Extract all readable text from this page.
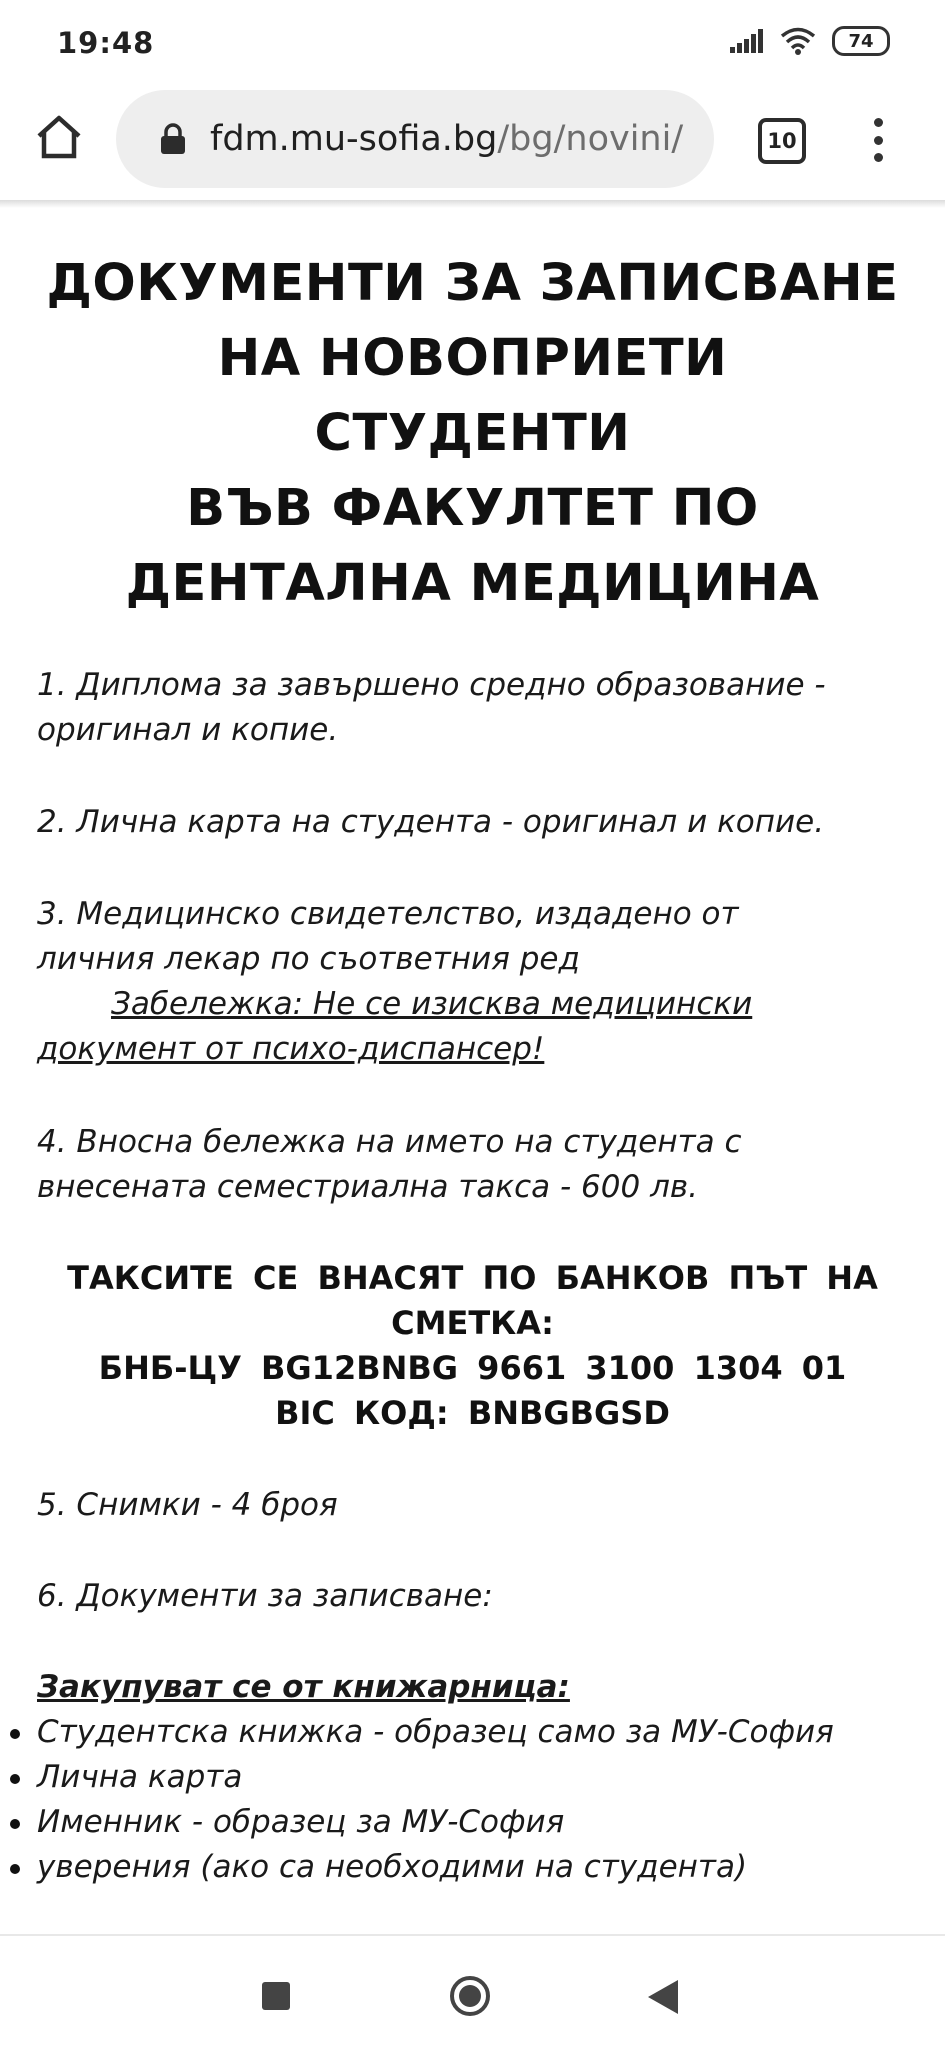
19:48	74
fdm.mu-sofia.bg/bg/novini/	10
ДОКУМЕНТИ ЗА ЗАПИСВАНЕ
НА НОВОПРИЕТИ
СТУДЕНТИ
ВЪВ ФАКУЛТЕТ ПО
ДЕНТАЛНА МЕДИЦИНА
1. Диплома за завършено средно образование -
оригинал и копие.
2. Лична карта на студента - оригинал и копие.
3. Медицинско свидетелство, издадено от
личния лекар по съответния ред
Забележка: Не се изисква медицински
документ от психо-диспансер!
4. Вносна бележка на името на студента с
внесената семестриална такса - 600 лв.
ТАКСИТЕ СЕ ВНАСЯТ ПО БАНКОВ ПЪТ НА
СМЕТКА:
БНБ-ЦУ BG12BNBG 9661 3100 1304 01
BIC КОД: BNBGBGSD
5. Снимки - 4 броя
6. Документи за записване:
Закупуват се от книжарница:
Студентска книжка - образец само за МУ-София
Лична карта
Именник - образец за МУ-София
уверения (ако са необходими на студента)
